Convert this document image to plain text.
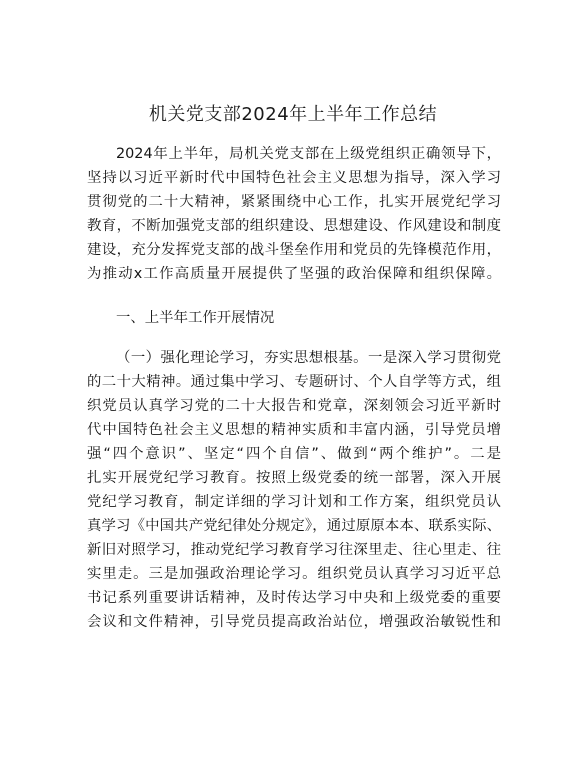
机关党支部2024年上半年工作总结
2024年上半年，局机关党支部在上级党组织正确领导下，
坚持以习近平新时代中国特色社会主义思想为指导，深入学习
贯彻党的二十大精神，紧紧围绕中心工作，扎实开展党纪学习
教育，不断加强党支部的组织建设、思想建设、作风建设和制度
建设，充分发挥党支部的战斗堡垒作用和党员的先锋模范作用，
为推动x工作高质量开展提供了坚强的政治保障和组织保障。
一、上半年工作开展情况
（一）强化理论学习，夯实思想根基。一是深入学习贯彻党
的二十大精神。通过集中学习、专题研讨、个人自学等方式，组
织党员认真学习党的二十大报告和党章，深刻领会习近平新时
代中国特色社会主义思想的精神实质和丰富内涵，引导党员增
强“四个意识”、坚定“四个自信”、做到“两个维护”。二是
扎实开展党纪学习教育。按照上级党委的统一部署，深入开展
党纪学习教育，制定详细的学习计划和工作方案，组织党员认
真学习《中国共产党纪律处分规定》，通过原原本本、联系实际、
新旧对照学习，推动党纪学习教育学习往深里走、往心里走、往
实里走。三是加强政治理论学习。组织党员认真学习习近平总
书记系列重要讲话精神，及时传达学习中央和上级党委的重要
会议和文件精神，引导党员提高政治站位，增强政治敏锐性和
